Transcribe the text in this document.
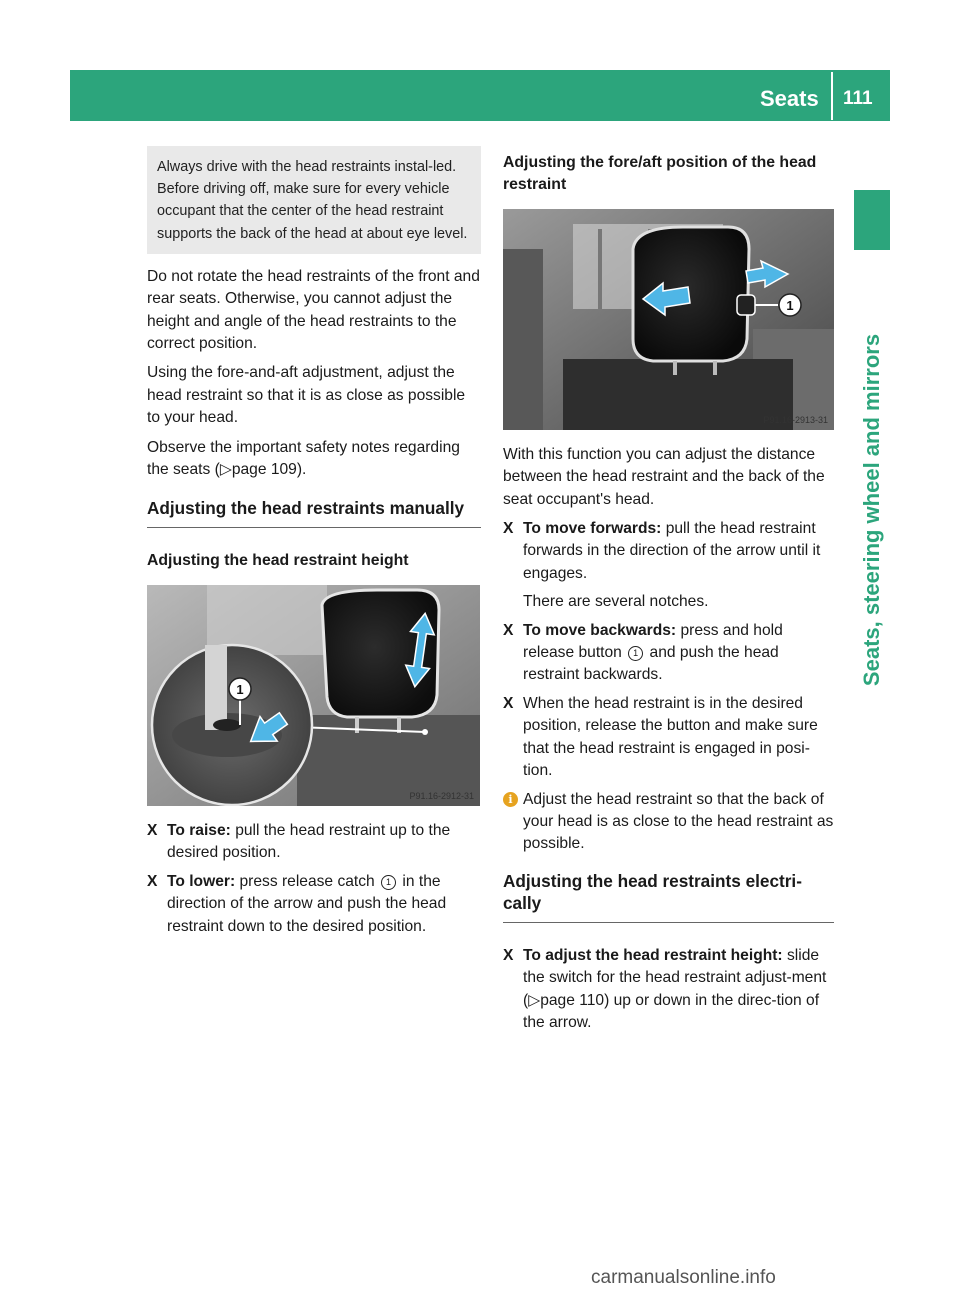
Seats 111
Seats, steering wheel and mirrors
Always drive with the head restraints instal-led. Before driving off, make sure for every vehicle occupant that the center of the head restraint supports the back of the head at about eye level.

Do not rotate the head restraints of the front and rear seats. Otherwise, you cannot adjust the height and angle of the head restraints to the correct position.

Using the fore-and-aft adjustment, adjust the head restraint so that it is as close as possible to your head.

Observe the important safety notes regarding the seats (▷page 109).

Adjusting the head restraints manually
Adjusting the head restraint height
1
P91.16-2912-31
X To raise: pull the head restraint up to the desired position.
X To lower: press release catch 1 in the direction of the arrow and push the head restraint down to the desired position.
Adjusting the fore/aft position of the head restraint
1
P91.16-2913-31

With this function you can adjust the distance between the head restraint and the back of the seat occupant's head.

X To move forwards: pull the head restraint forwards in the direction of the arrow until it engages.
There are several notches.
X To move backwards: press and hold release button 1 and push the head restraint backwards.
X When the head restraint is in the desired position, release the button and make sure that the head restraint is engaged in posi-tion.
i Adjust the head restraint so that the back of your head is as close to the head restraint as possible.
Adjusting the head restraints electri-cally
X To adjust the head restraint height: slide the switch for the head restraint adjust-ment (▷page 110) up or down in the direc-tion of the arrow.
carmanualsonline.info
